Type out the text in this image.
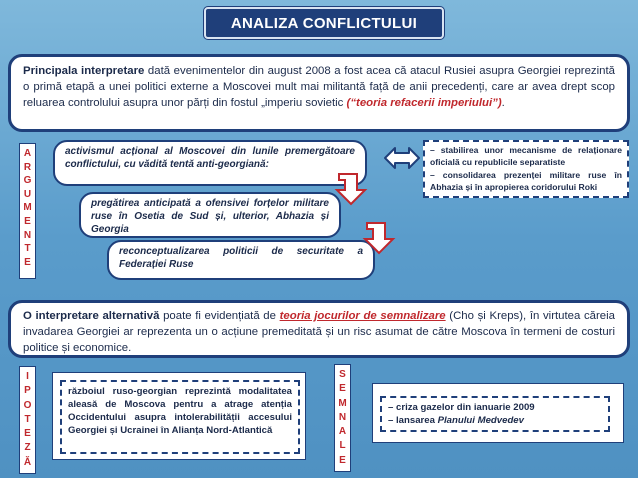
ANALIZA CONFLICTULUI

Principala interpretare dată evenimentelor din august 2008 a fost acea că atacul Rusiei asupra Georgiei reprezintă o primă etapă a unei politici externe a Moscovei mult mai militantă față de anii precedenți, care ar avea drept scop reluarea controlului asupra unor părți din fostul „imperiu sovietic (“teoria refacerii imperiului”).

A
R
G
U
M
E
N
T
E
activismul acțional al Moscovei din lunile premergătoare conflictului, cu vădită tentă anti-georgiană:
pregătirea anticipată a ofensivei forțelor militare ruse în Osetia de Sud și, ulterior, Abhazia și Georgia
reconceptualizarea politicii de securitate a Federației Ruse
– stabilirea unor mecanisme de relaționare oficială cu republicile separatiste
– consolidarea prezenței militare ruse în Abhazia și în apropierea coridorului Roki

O interpretare alternativă poate fi evidențiată de teoria jocurilor de semnalizare (Cho și Kreps), în virtutea căreia invadarea Georgiei ar reprezenta un o acțiune premeditată și un risc asumat de către Moscova în termeni de costuri politice și economice.

I
P
O
T
E
Z
Ă
războiul ruso-georgian reprezintă modalitatea aleasă de Moscova pentru a atrage atenția Occidentului asupra intolerabilității accesului Georgiei și Ucrainei în Alianța Nord-Atlantică
S
E
M
N
A
L
E
– criza gazelor din ianuarie 2009
– lansarea Planului Medvedev
